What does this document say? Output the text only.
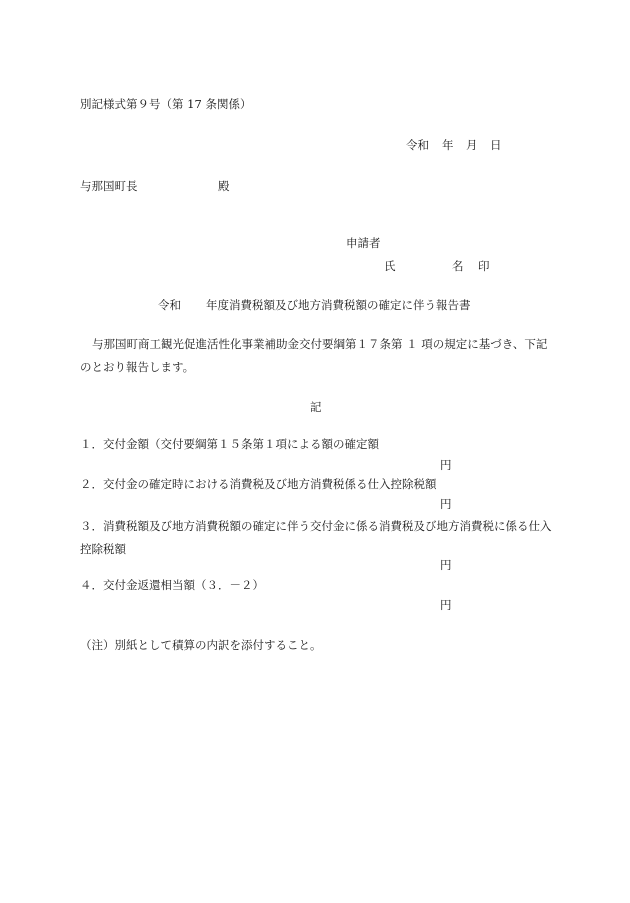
別記様式第９号（第 17 条関係）
令和 年 月 日
与那国町長	殿
申請者
氏	名 印
令和 年度消費税額及び地方消費税額の確定に伴う報告書
与那国町商工観光促進活性化事業補助金交付要綱第１７条第 １ 項の規定に基づき、下記のとおり報告します。
記
１．交付金額（交付要綱第１５条第１項による額の確定額
円
２．交付金の確定時における消費税及び地方消費税係る仕入控除税額
円
３．消費税額及び地方消費税額の確定に伴う交付金に係る消費税及び地方消費税に係る仕入控除税額
円
４．交付金返還相当額（３．－２）
円
（注）別紙として積算の内訳を添付すること。
